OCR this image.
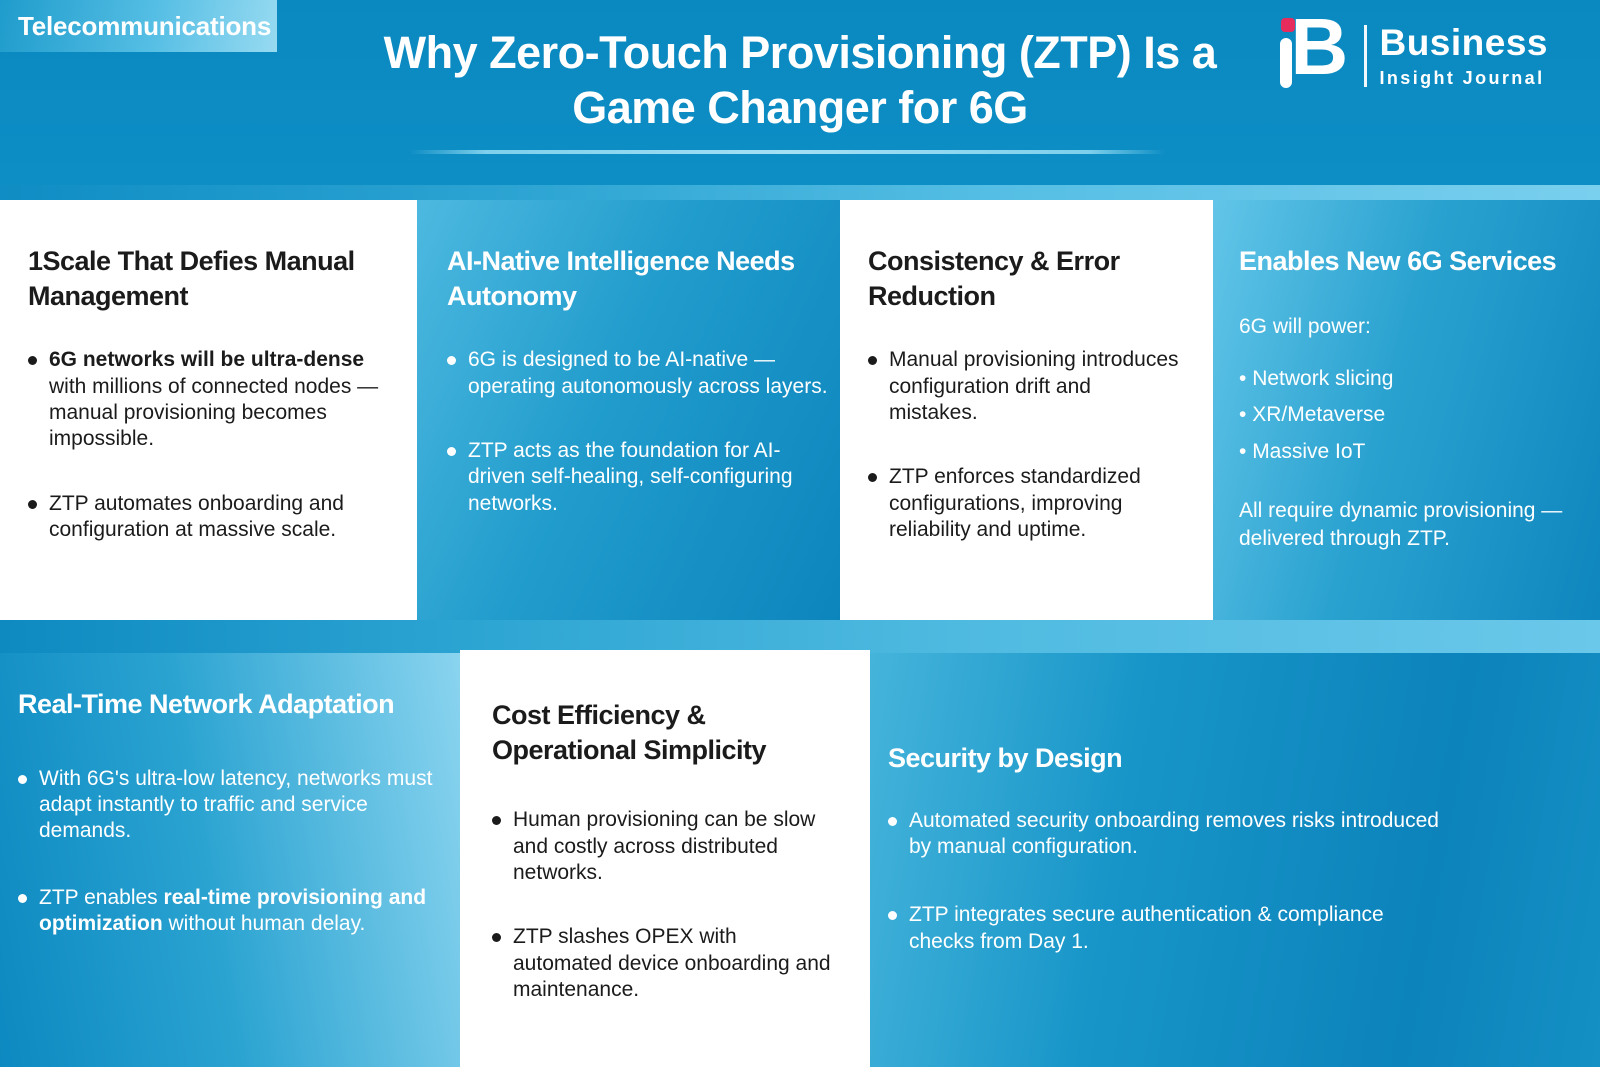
Telecommunications
Why Zero-Touch Provisioning (ZTP) Is a
Game Changer for 6G
B Business
Insight Journal
1Scale That Defies Manual Management
6G networks will be ultra-dense with millions of connected nodes — manual provisioning becomes impossible.
ZTP automates onboarding and configuration at massive scale.
AI-Native Intelligence Needs Autonomy
6G is designed to be AI-native — operating autonomously across layers.
ZTP acts as the foundation for AI-driven self-healing, self-configuring networks.
Consistency & Error Reduction
Manual provisioning introduces configuration drift and mistakes.
ZTP enforces standardized configurations, improving reliability and uptime.
Enables New 6G Services
6G will power:
• Network slicing
• XR/Metaverse
• Massive IoT
All require dynamic provisioning — delivered through ZTP.
Real-Time Network Adaptation
With 6G's ultra-low latency, networks must adapt instantly to traffic and service demands.
ZTP enables real-time provisioning and optimization without human delay.
Cost Efficiency & Operational Simplicity
Human provisioning can be slow and costly across distributed networks.
ZTP slashes OPEX with automated device onboarding and maintenance.
Security by Design
Automated security onboarding removes risks introduced by manual configuration.
ZTP integrates secure authentication & compliance checks from Day 1.
